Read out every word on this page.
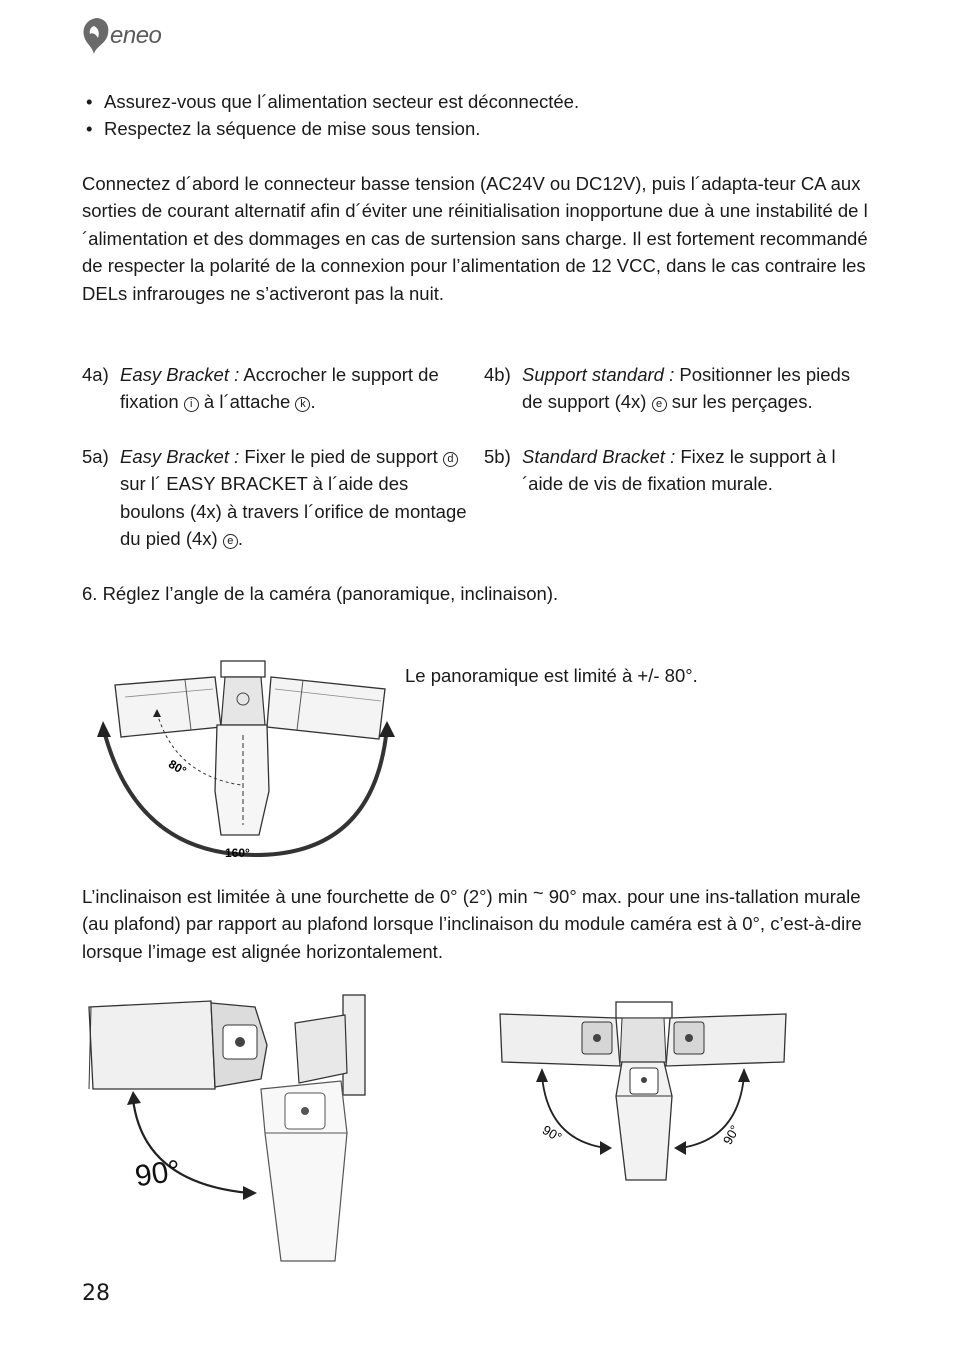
eneo
• Assurez-vous que l´alimentation secteur est déconnectée.
• Respectez la séquence de mise sous tension.
Connectez d´abord le connecteur basse tension (AC24V ou DC12V), puis l´adapta-teur CA aux sorties de courant alternatif afin d´éviter une réinitialisation inopportune due à une instabilité de l´alimentation et des dommages en cas de surtension sans charge. Il est fortement recommandé de respecter la polarité de la connexion pour l’alimentation de 12 VCC, dans le cas contraire les DELs infrarouges ne s’activeront pas la nuit.
4a) Easy Bracket : Accrocher le support de fixation i à l´attache k .
5a) Easy Bracket : Fixer le pied de support d sur l´ EASY BRACKET à l´aide des boulons (4x) à travers l´orifice de montage du pied (4x) e .
4b) Support standard : Positionner les pieds de support (4x) e sur les perçages.
5b) Standard Bracket : Fixez le support à l´aide de vis de fixation murale.
6. Réglez l’angle de la caméra (panoramique, inclinaison).
80°
160°
Le panoramique est limité à +/- 80°.
L’inclinaison est limitée à une fourchette de 0° (2°) min ~ 90° max. pour une ins-tallation murale (au plafond) par rapport au plafond lorsque l’inclinaison du module caméra est à 0°, c’est-à-dire lorsque l’image est alignée horizontalement.
90°
90°	90°
28
